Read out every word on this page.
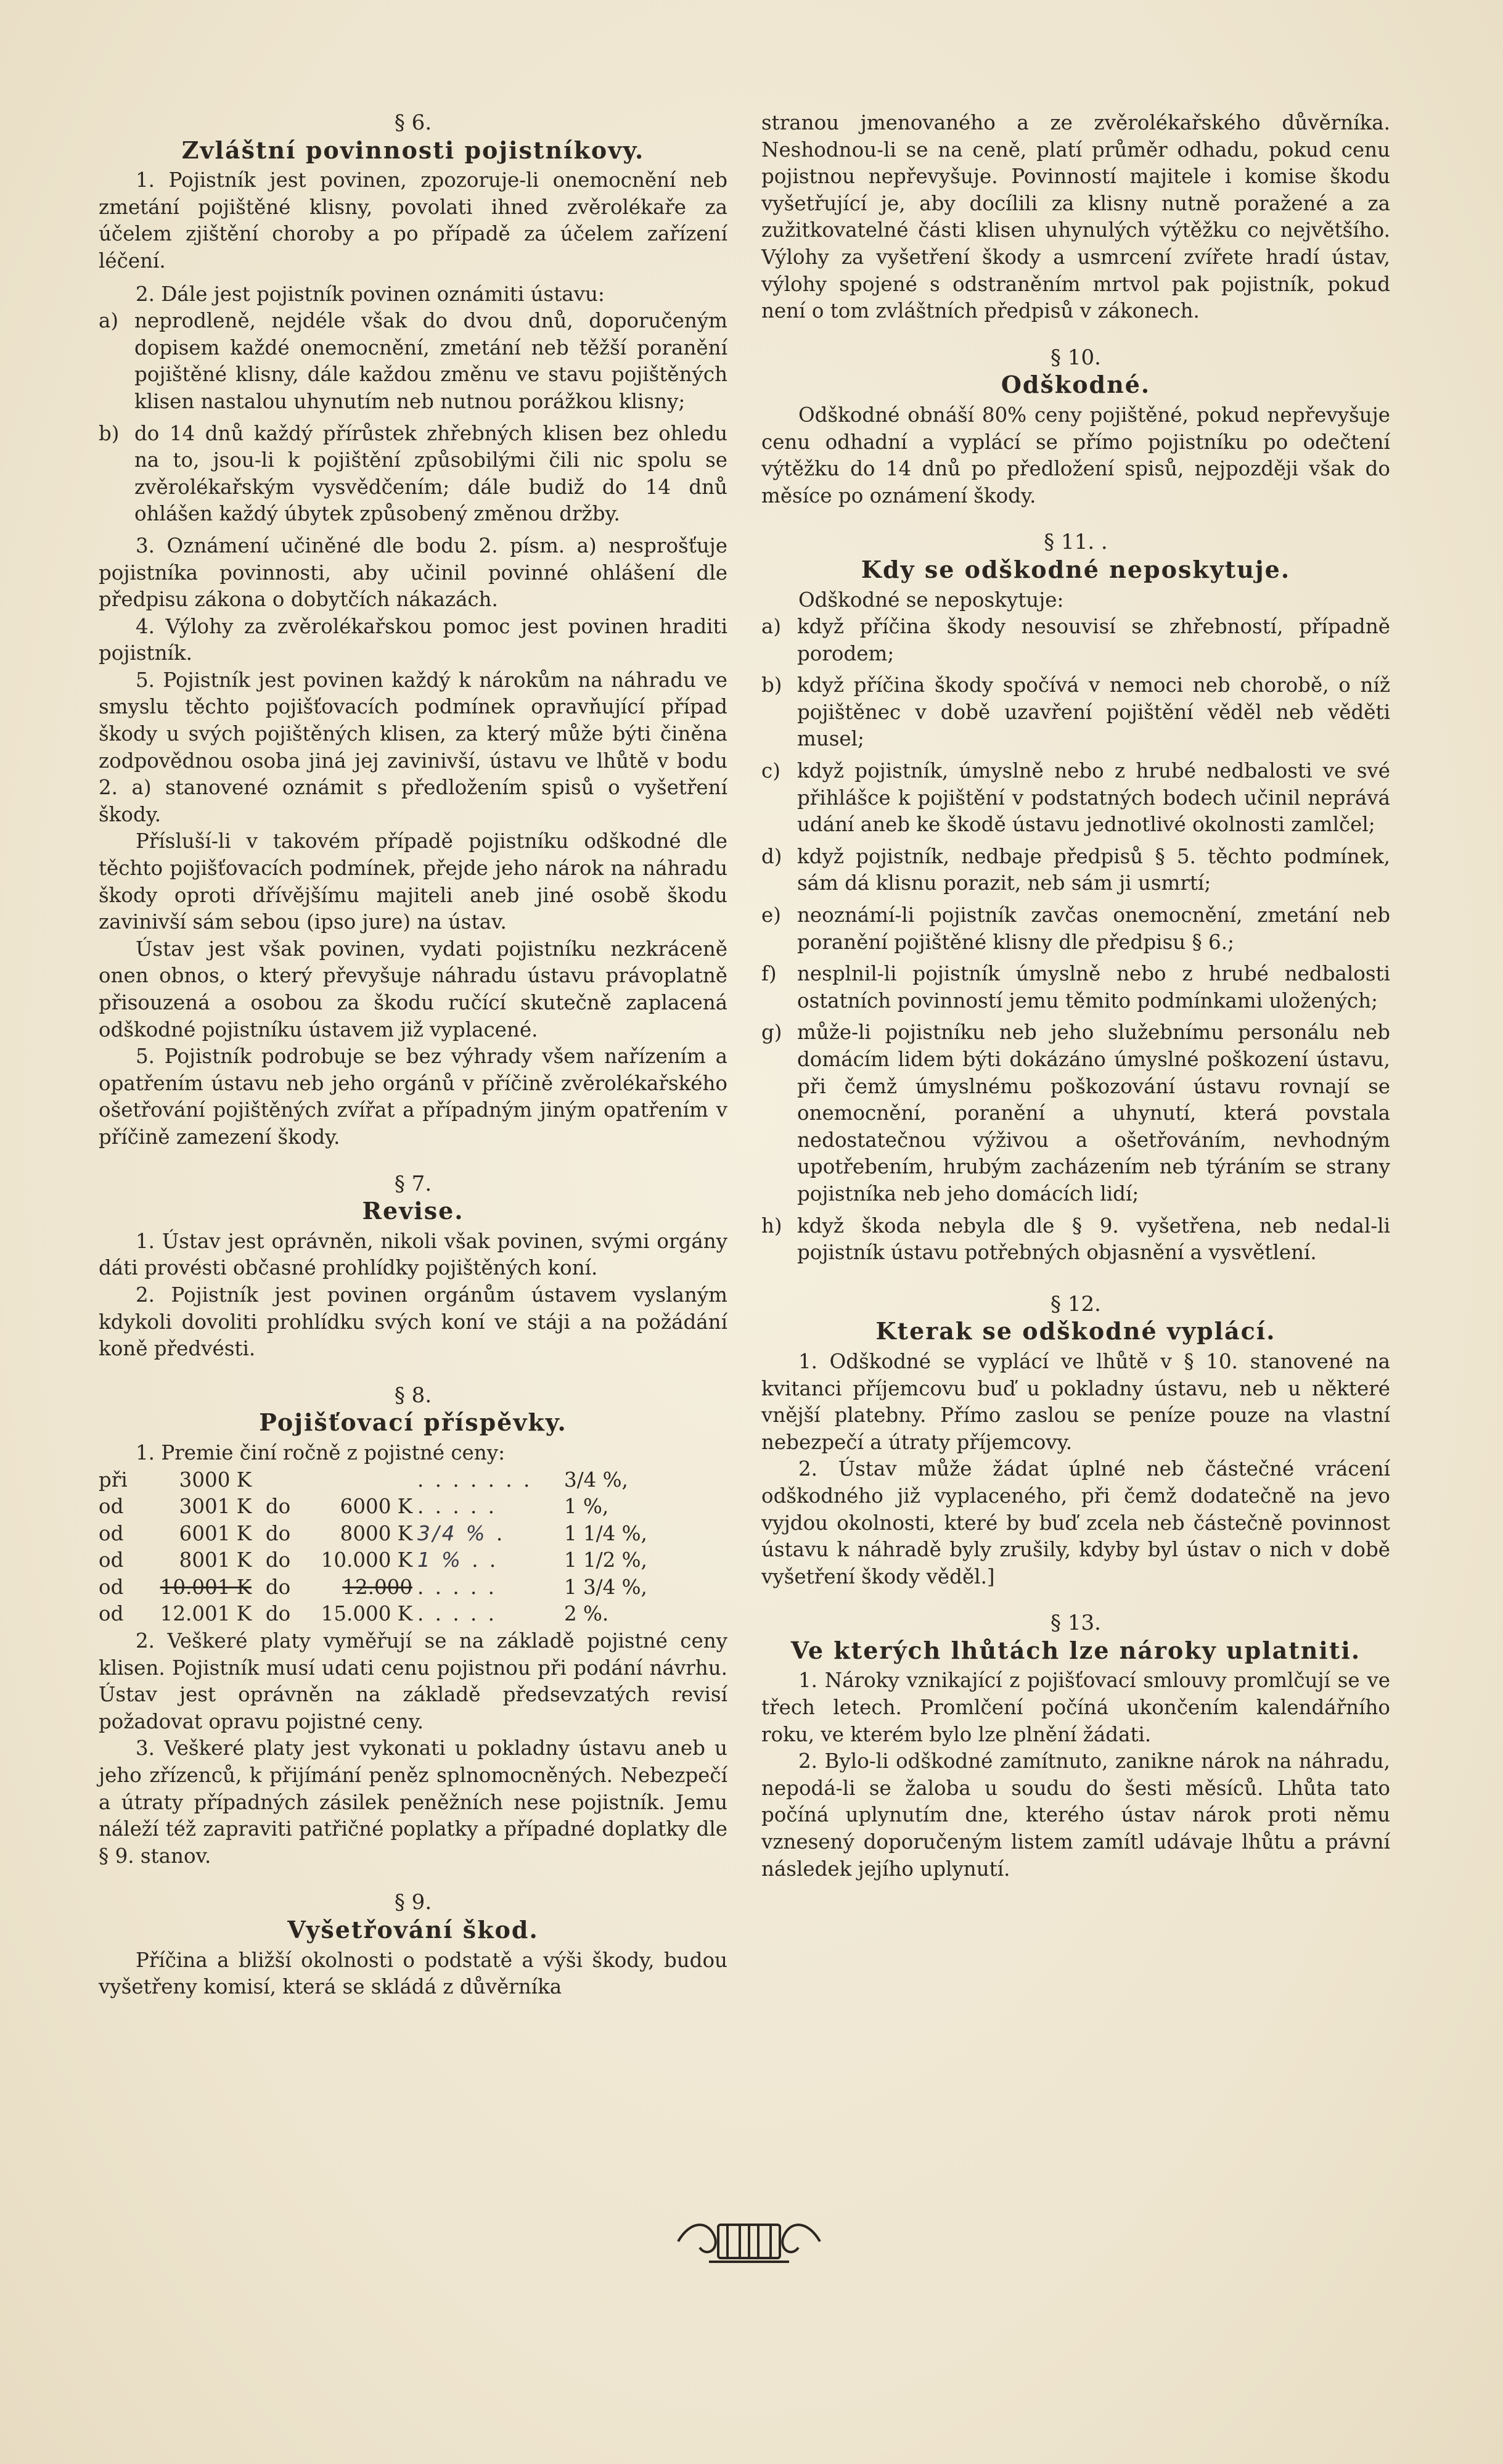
§ 6.
Zvláštní povinnosti pojistníkovy.

1. Pojistník jest povinen, zpozoruje-li onemocnění neb zmetání pojištěné klisny, povolati ihned zvěrolékaře za účelem zjištění choroby a po případě za účelem zařízení léčení.

2. Dále jest pojistník povinen oznámiti ústavu:

a) neprodleně, nejdéle však do dvou dnů, doporučeným dopisem každé onemocnění, zmetání neb těžší poranění pojištěné klisny, dále každou změnu ve stavu pojištěných klisen nastalou uhynutím neb nutnou porážkou klisny;
b) do 14 dnů každý přírůstek zhřebných klisen bez ohledu na to, jsou-li k pojištění způsobilými čili nic spolu se zvěrolékařským vysvědčením; dále budiž do 14 dnů ohlášen každý úbytek způsobený změnou držby.

3. Oznámení učiněné dle bodu 2. písm. a) nesprošťuje pojistníka povinnosti, aby učinil povinné ohlášení dle předpisu zákona o dobytčích nákazách.

4. Výlohy za zvěrolékařskou pomoc jest povinen hraditi pojistník.

5. Pojistník jest povinen každý k nárokům na náhradu ve smyslu těchto pojišťovacích podmínek opravňující případ škody u svých pojištěných klisen, za který může býti činěna zodpovědnou osoba jiná jej zavinivší, ústavu ve lhůtě v bodu 2. a) stanovené oznámit s předložením spisů o vyšetření škody.

Přísluší-li v takovém případě pojistníku odškodné dle těchto pojišťovacích podmínek, přejde jeho nárok na náhradu škody oproti dřívějšímu majiteli aneb jiné osobě škodu zavinivší sám sebou (ipso jure) na ústav.

Ústav jest však povinen, vydati pojistníku nezkráceně onen obnos, o který převyšuje náhradu ústavu právoplatně přisouzená a osobou za škodu ručící skutečně zaplacená odškodné pojistníku ústavem již vyplacené.

5. Pojistník podrobuje se bez výhrady všem nařízením a opatřením ústavu neb jeho orgánů v příčině zvěrolékařského ošetřování pojištěných zvířat a případným jiným opatřením v příčině zamezení škody.

§ 7.
Revise.

1. Ústav jest oprávněn, nikoli však povinen, svými orgány dáti provésti občasné prohlídky pojištěných koní.

2. Pojistník jest povinen orgánům ústavem vyslaným kdykoli dovoliti prohlídku svých koní ve stáji a na požádání koně předvésti.

§ 8.
Pojišťovací příspěvky.

1. Premie činí ročně z pojistné ceny:

při	3000 K			. . . . . . .	3/4 %,
od	3001 K	do	6000 K	. . . . .	1 %,
od	6001 K	do	8000 K	3/4 % .	1 1/4 %,
od	8001 K	do	10.000 K	1 % . .	1 1/2 %,
od	10.001 K	do	12.000	. . . . .	1 3/4 %,
od	12.001 K	do	15.000 K	. . . . .	2 %.

2. Veškeré platy vyměřují se na základě pojistné ceny klisen. Pojistník musí udati cenu pojistnou při podání návrhu. Ústav jest oprávněn na základě předsevzatých revisí požadovat opravu pojistné ceny.

3. Veškeré platy jest vykonati u pokladny ústavu aneb u jeho zřízenců, k přijímání peněz splnomocněných. Nebezpečí a útraty případných zásilek peněžních nese pojistník. Jemu náleží též zapraviti patřičné poplatky a případné doplatky dle § 9. stanov.

§ 9.
Vyšetřování škod.

Příčina a bližší okolnosti o podstatě a výši škody, budou vyšetřeny komisí, která se skládá z důvěrníka

stranou jmenovaného a ze zvěrolékařského důvěrníka. Neshodnou-li se na ceně, platí průměr odhadu, pokud cenu pojistnou nepřevyšuje. Povinností majitele i komise škodu vyšetřující je, aby docílili za klisny nutně poražené a za zužitkovatelné části klisen uhynulých výtěžku co největšího. Výlohy za vyšetření škody a usmrcení zvířete hradí ústav, výlohy spojené s odstraněním mrtvol pak pojistník, pokud není o tom zvláštních předpisů v zákonech.

§ 10.
Odškodné.

Odškodné obnáší 80% ceny pojištěné, pokud nepřevyšuje cenu odhadní a vyplácí se přímo pojistníku po odečtení výtěžku do 14 dnů po předložení spisů, nejpozději však do měsíce po oznámení škody.

§ 11. .
Kdy se odškodné neposkytuje.

Odškodné se neposkytuje:

a) když příčina škody nesouvisí se zhřebností, případně porodem;
b) když příčina škody spočívá v nemoci neb chorobě, o níž pojištěnec v době uzavření pojištění věděl neb věděti musel;
c) když pojistník, úmyslně nebo z hrubé nedbalosti ve své přihlášce k pojištění v podstatných bodech učinil neprává udání aneb ke škodě ústavu jednotlivé okolnosti zamlčel;
d) když pojistník, nedbaje předpisů § 5. těchto podmínek, sám dá klisnu porazit, neb sám ji usmrtí;
e) neoznámí-li pojistník zavčas onemocnění, zmetání neb poranění pojištěné klisny dle předpisu § 6.;
f) nesplnil-li pojistník úmyslně nebo z hrubé nedbalosti ostatních povinností jemu těmito podmínkami uložených;
g) může-li pojistníku neb jeho služebnímu personálu neb domácím lidem býti dokázáno úmyslné poškození ústavu, při čemž úmyslnému poškozování ústavu rovnají se onemocnění, poranění a uhynutí, která povstala nedostatečnou výživou a ošetřováním, nevhodným upotřebením, hrubým zacházením neb týráním se strany pojistníka neb jeho domácích lidí;
h) když škoda nebyla dle § 9. vyšetřena, neb nedal-li pojistník ústavu potřebných objasnění a vysvětlení.
§ 12.
Kterak se odškodné vyplácí.

1. Odškodné se vyplácí ve lhůtě v § 10. stanovené na kvitanci příjemcovu buď u pokladny ústavu, neb u některé vnější platebny. Přímo zaslou se peníze pouze na vlastní nebezpečí a útraty příjemcovy.

2. Ústav může žádat úplné neb částečné vrácení odškodného již vyplaceného, při čemž dodatečně na jevo vyjdou okolnosti, které by buď zcela neb částečně povinnost ústavu k náhradě byly zrušily, kdyby byl ústav o nich v době vyšetření škody věděl.]

§ 13.
Ve kterých lhůtách lze nároky uplatniti.

1. Nároky vznikající z pojišťovací smlouvy promlčují se ve třech letech. Promlčení počíná ukončením kalendářního roku, ve kterém bylo lze plnění žádati.

2. Bylo-li odškodné zamítnuto, zanikne nárok na náhradu, nepodá-li se žaloba u soudu do šesti měsíců. Lhůta tato počíná uplynutím dne, kterého ústav nárok proti němu vznesený doporučeným listem zamítl udávaje lhůtu a právní následek jejího uplynutí.
